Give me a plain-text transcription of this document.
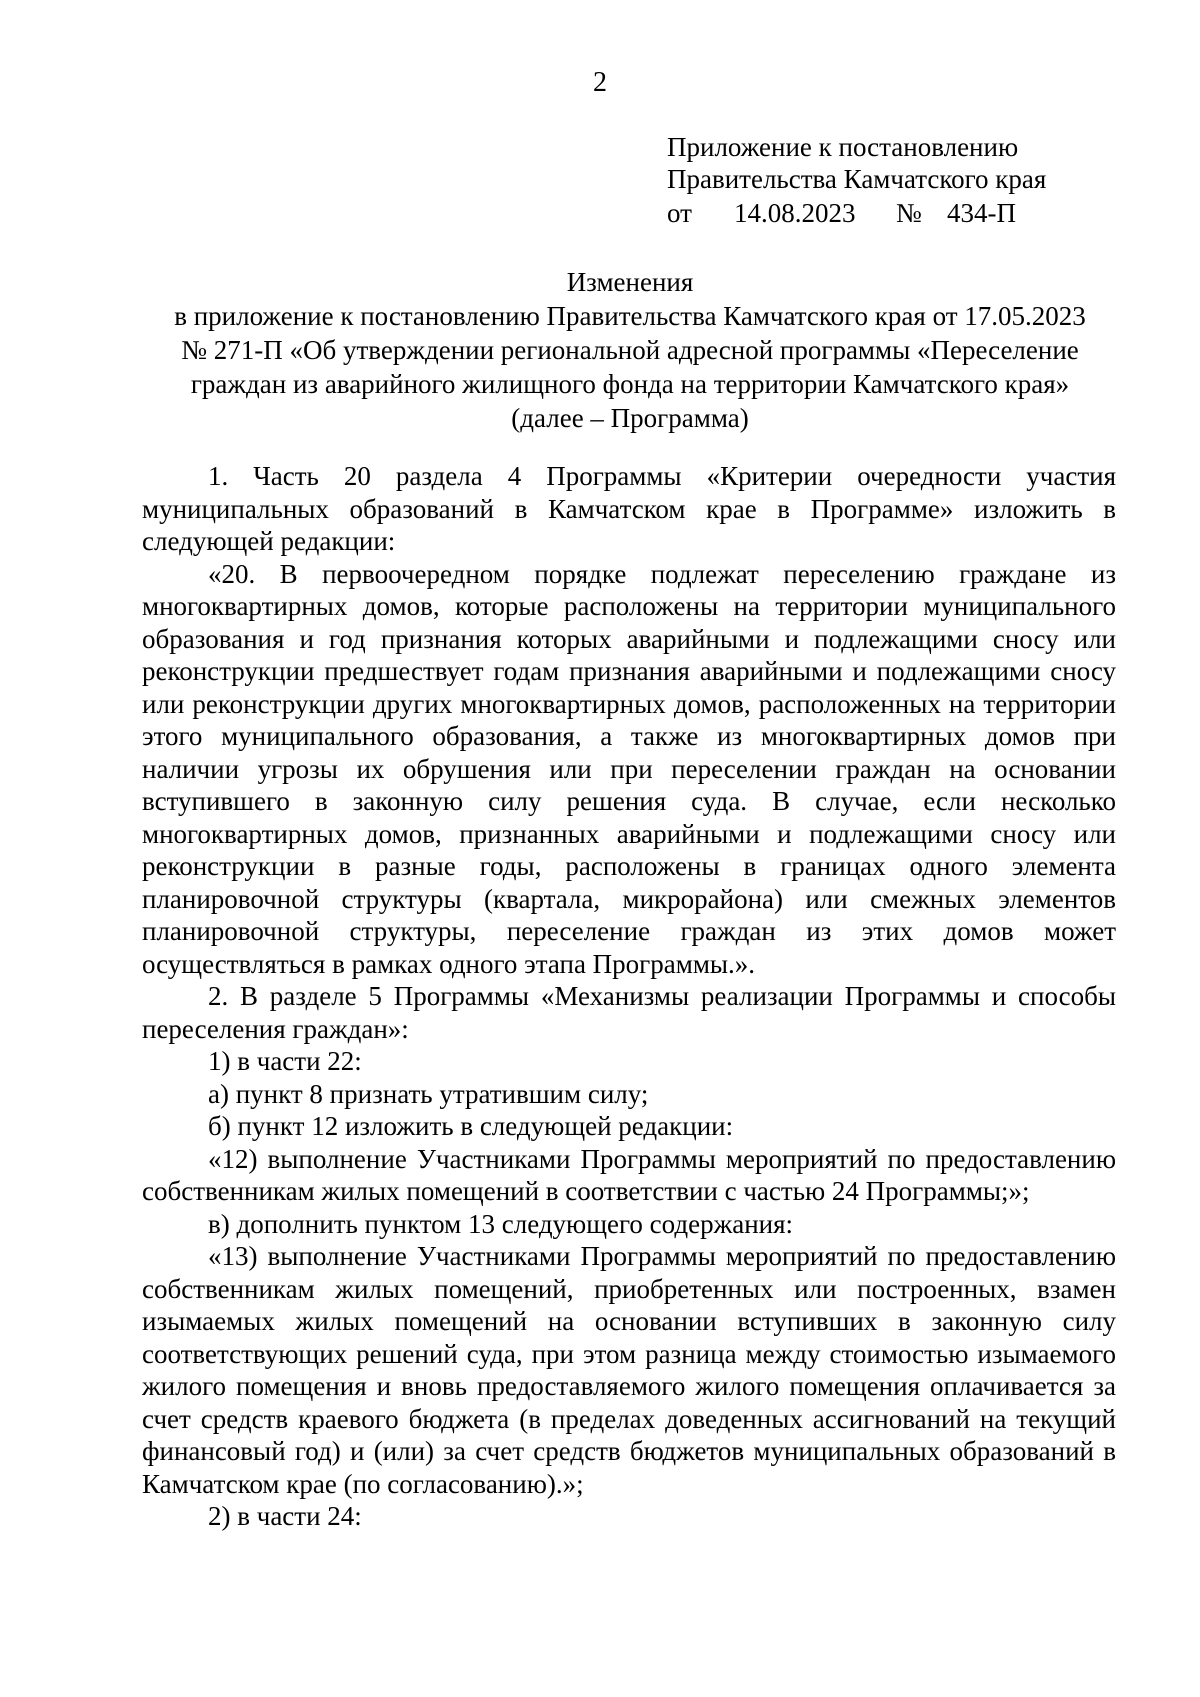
2
Приложение к постановлению
Правительства Камчатского края
от 14.08.2023 № 434-П
Изменения
в приложение к постановлению Правительства Камчатского края от 17.05.2023
№ 271-П «Об утверждении региональной адресной программы «Переселение
граждан из аварийного жилищного фонда на территории Камчатского края»
(далее – Программа)

1. Часть 20 раздела 4 Программы «Критерии очередности участия муниципальных образований в Камчатском крае в Программе» изложить в следующей редакции:

«20. В первоочередном порядке подлежат переселению граждане из многоквартирных домов, которые расположены на территории муниципального образования и год признания которых аварийными и подлежащими сносу или реконструкции предшествует годам признания аварийными и подлежащими сносу или реконструкции других многоквартирных домов, расположенных на территории этого муниципального образования, а также из многоквартирных домов при наличии угрозы их обрушения или при переселении граждан на основании вступившего в законную силу решения суда. В случае, если несколько многоквартирных домов, признанных аварийными и подлежащими сносу или реконструкции в разные годы, расположены в границах одного элемента планировочной структуры (квартала, микрорайона) или смежных элементов планировочной структуры, переселение граждан из этих домов может осуществляться в рамках одного этапа Программы.».

2. В разделе 5 Программы «Механизмы реализации Программы и способы переселения граждан»:

1) в части 22:

а) пункт 8 признать утратившим силу;

б) пункт 12 изложить в следующей редакции:

«12) выполнение Участниками Программы мероприятий по предоставлению собственникам жилых помещений в соответствии с частью 24 Программы;»;

в) дополнить пунктом 13 следующего содержания:

«13) выполнение Участниками Программы мероприятий по предоставлению собственникам жилых помещений, приобретенных или построенных, взамен изымаемых жилых помещений на основании вступивших в законную силу соответствующих решений суда, при этом разница между стоимостью изымаемого жилого помещения и вновь предоставляемого жилого помещения оплачивается за счет средств краевого бюджета (в пределах доведенных ассигнований на текущий финансовый год) и (или) за счет средств бюджетов муниципальных образований в Камчатском крае (по согласованию).»;

2) в части 24:
